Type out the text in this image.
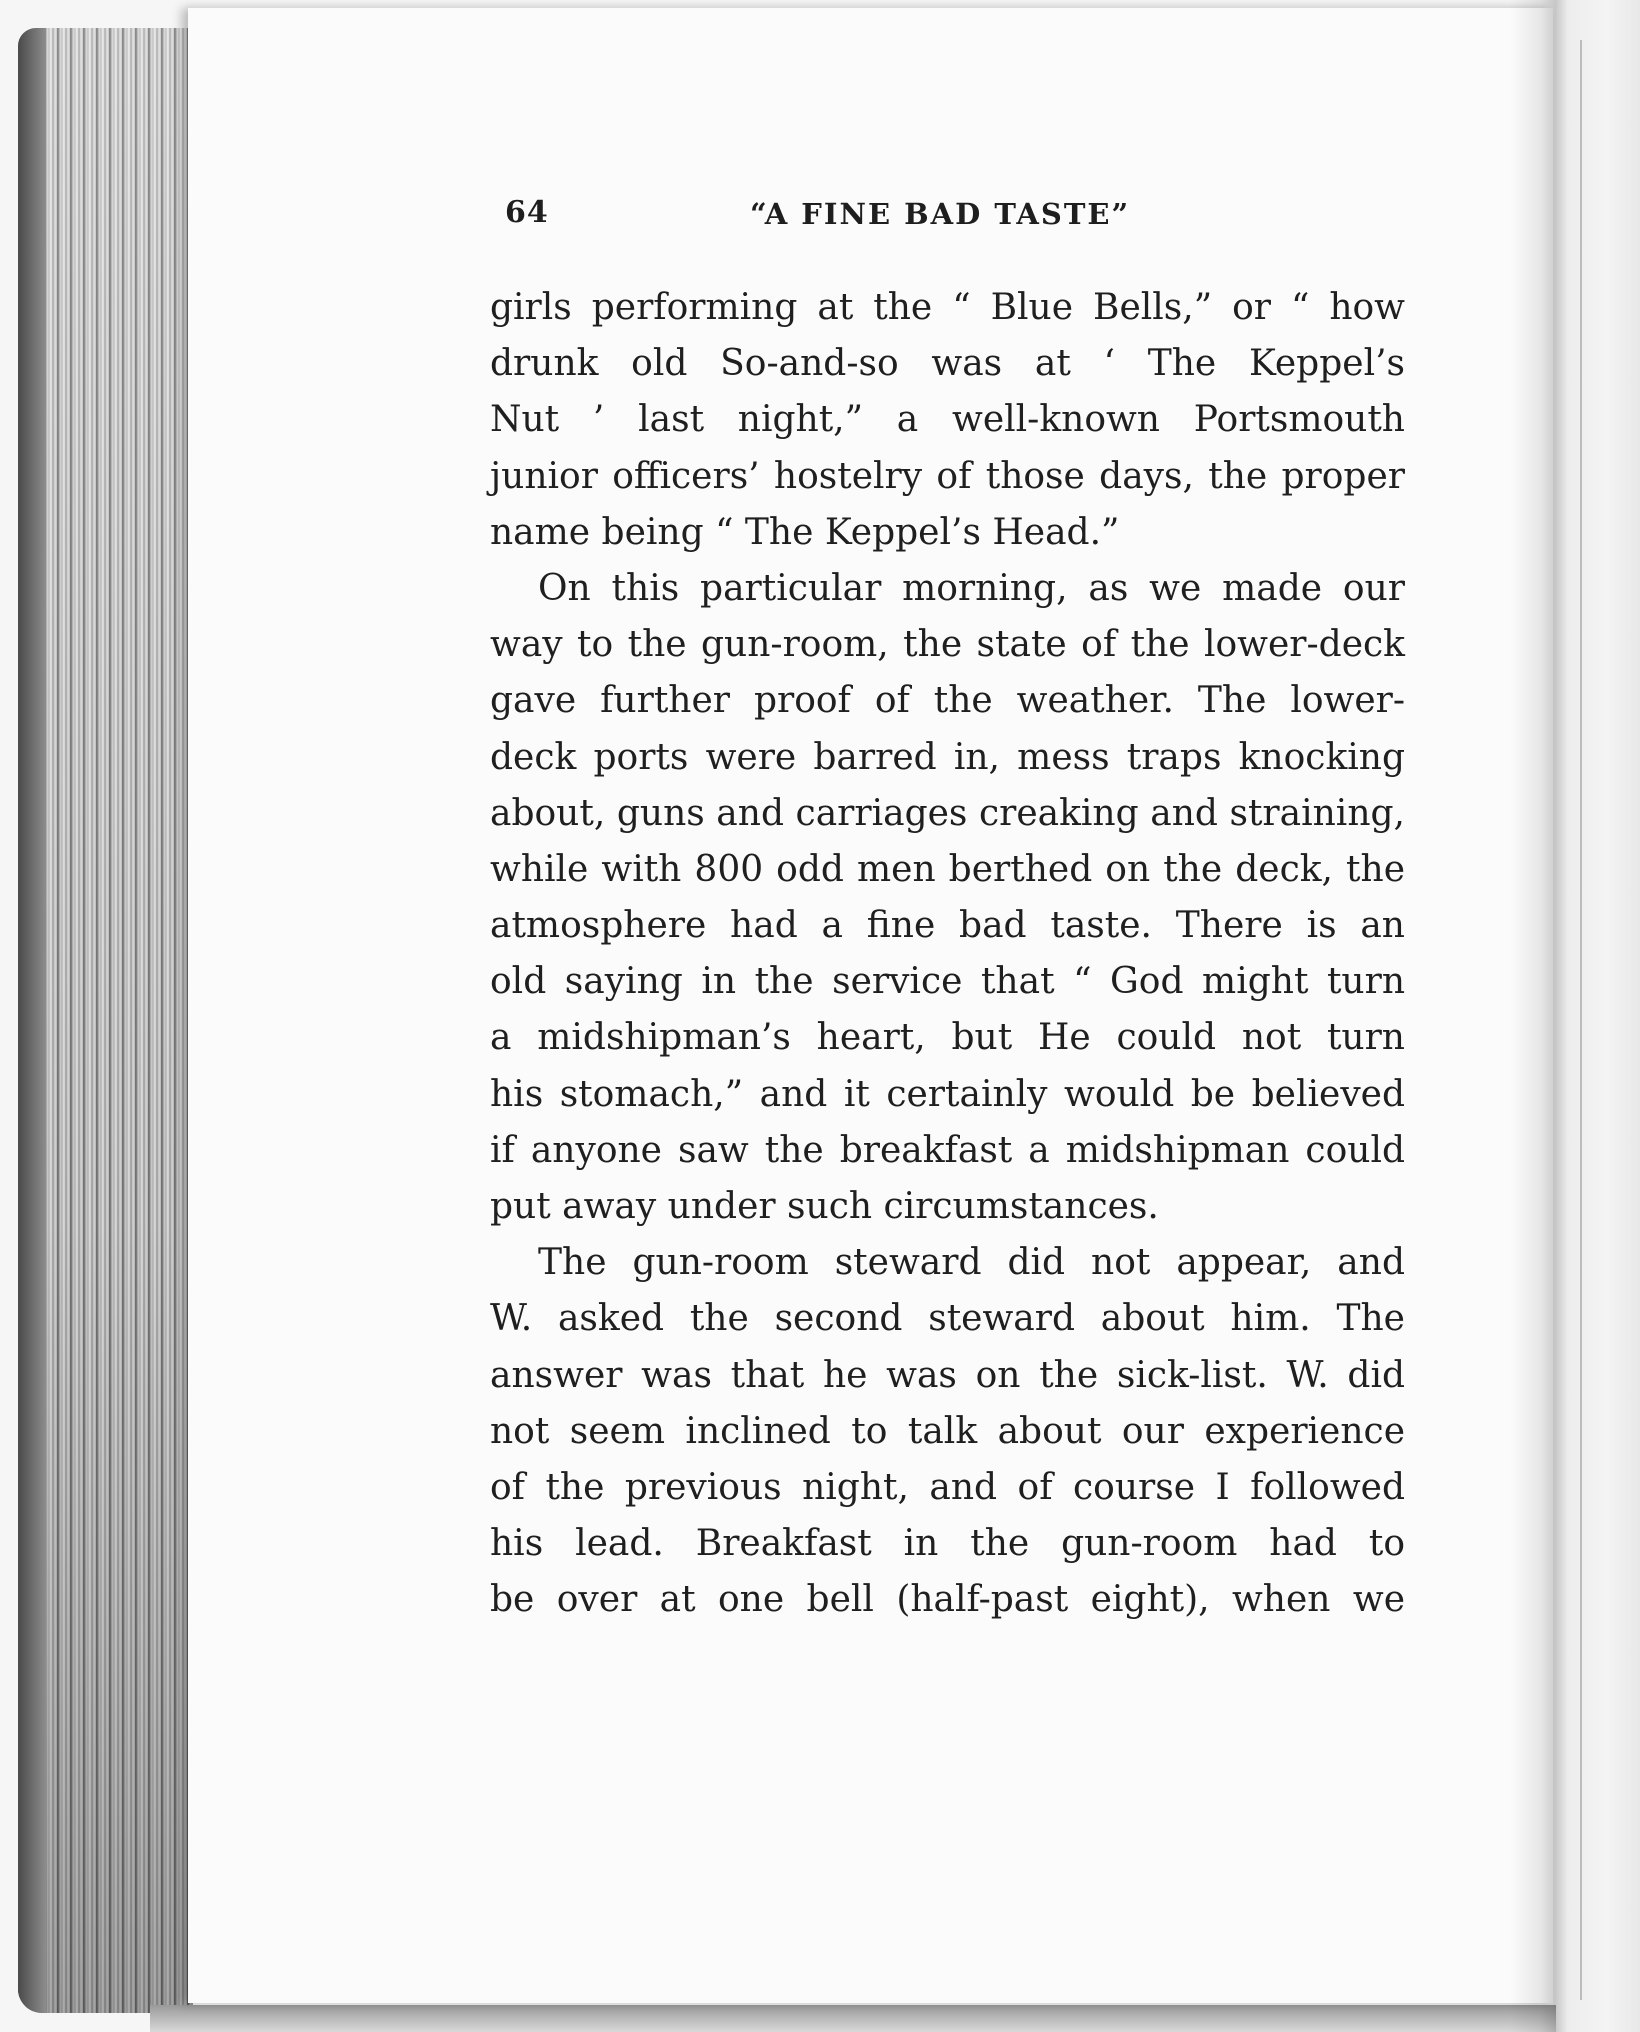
64	“A FINE BAD TASTE”
girls performing at the “ Blue Bells,” or “ how
drunk old So-and-so was at ‘ The Keppel’s
Nut ’ last night,” a well-known Portsmouth
junior officers’ hostelry of those days, the proper
name being “ The Keppel’s Head.”
On this particular morning, as we made our
way to the gun-room, the state of the lower-deck
gave further proof of the weather. The lower-
deck ports were barred in, mess traps knocking
about, guns and carriages creaking and straining,
while with 800 odd men berthed on the deck, the
atmosphere had a fine bad taste. There is an
old saying in the service that “ God might turn
a midshipman’s heart, but He could not turn
his stomach,” and it certainly would be believed
if anyone saw the breakfast a midshipman could
put away under such circumstances.
The gun-room steward did not appear, and
W. asked the second steward about him. The
answer was that he was on the sick-list. W. did
not seem inclined to talk about our experience
of the previous night, and of course I followed
his lead. Breakfast in the gun-room had to
be over at one bell (half-past eight), when we
